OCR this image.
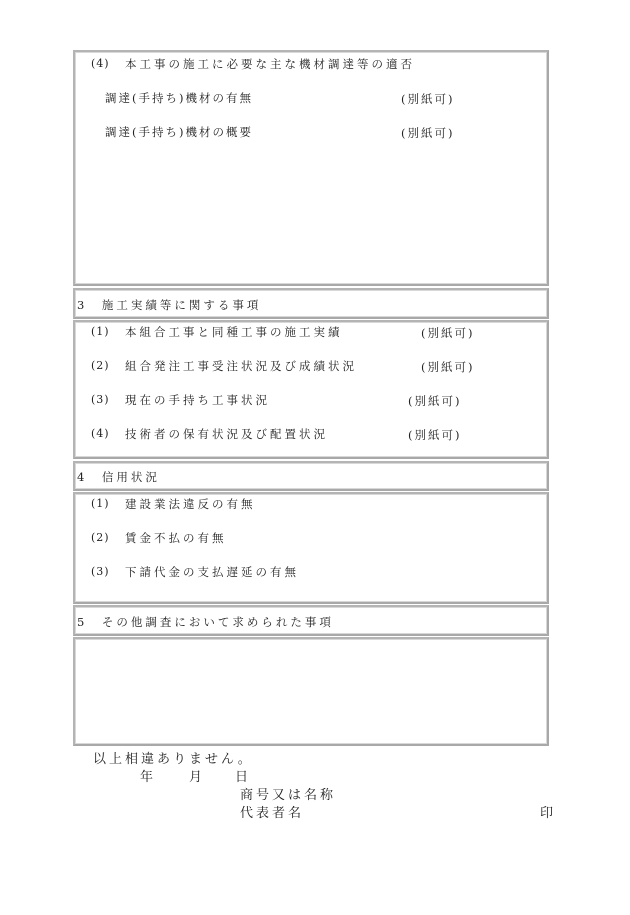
(4) 本工事の施工に必要な主な機材調達等の適否
調達(手持ち)機材の有無	(別紙可)
調達(手持ち)機材の概要	(別紙可)
3　施工実績等に関する事項
(1) 本組合工事と同種工事の施工実績	(別紙可)
(2) 組合発注工事受注状況及び成績状況	(別紙可)
(3) 現在の手持ち工事状況	(別紙可)
(4) 技術者の保有状況及び配置状況	(別紙可)
4　信用状況
(1) 建設業法違反の有無
(2) 賃金不払の有無
(3) 下請代金の支払遅延の有無
5　その他調査において求められた事項
以上相違ありません。
年	月 日
商号又は名称
代表者名	印
